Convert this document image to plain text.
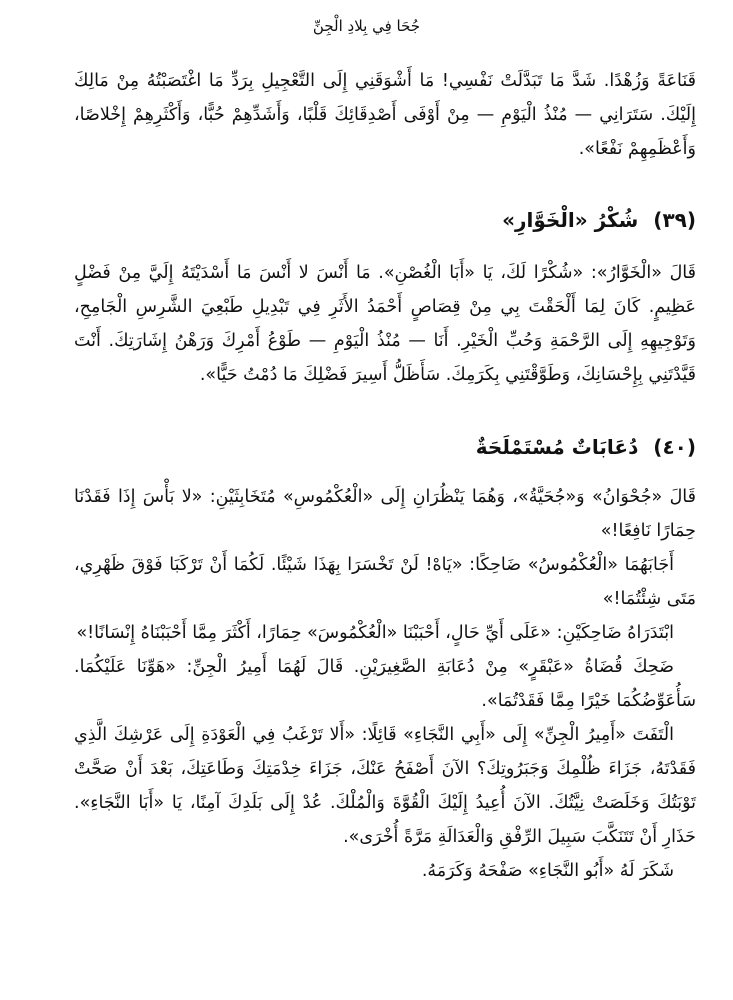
جُحَا فِي بِلادِ الْجِنِّ

قَنَاعَةً وَزُهْدًا. شَدَّ مَا تَبَدَّلَتْ نَفْسِي! مَا أَشْوَقَنِي إِلَى التَّعْجِيلِ بِرَدِّ مَا اغْتَصَبْتُهُ مِنْ مَالِكَ إِلَيْكَ. سَتَرَانِي — مُنْذُ الْيَوْمِ — مِنْ أَوْفَى أَصْدِقَائِكَ قَلْبًا، وَأَشَدِّهِمْ حُبًّا، وَأَكْثَرِهِمْ إِخْلاصًا، وَأَعْظَمِهِمْ نَفْعًا».

(٣٩) شُكْرُ «الْخَوَّارِ»

قَالَ «الْخَوَّارُ»: «شُكْرًا لَكَ، يَا «أَبَا الْغُصْنِ». مَا أَنْسَ لا أَنْسَ مَا أَسْدَيْتَهُ إِلَيَّ مِنْ فَضْلٍ عَظِيمٍ. كَانَ لِمَا أَلْحَقْتَ بِي مِنْ قِصَاصٍ أَحْمَدُ الأَثَرِ فِي تَبْدِيلِ طَبْعِيَ الشَّرِسِ الْجَامِحِ، وَتَوْجِيهِهِ إِلَى الرَّحْمَةِ وَحُبِّ الْخَيْرِ. أَنَا — مُنْذُ الْيَوْمِ — طَوْعُ أَمْرِكَ وَرَهْنُ إِشَارَتِكَ. أَنْتَ قَيَّدْتَنِي بِإِحْسَانِكَ، وَطَوَّقْتَنِي بِكَرَمِكَ. سَأَظَلُّ أَسِيرَ فَضْلِكَ مَا دُمْتُ حَيًّا».

(٤٠) دُعَابَاتٌ مُسْتَمْلَحَةٌ

قَالَ «جُحْوَانُ» وَ«جُحَيَّةُ»، وَهُمَا يَنْظُرَانِ إِلَى «الْعُكْمُوسِ» مُتَخَابِثَيْنِ: «لا بَأْسَ إِذَا فَقَدْنَا حِمَارًا نَافِعًا!»

أَجَابَهُمَا «الْعُكْمُوسُ» ضَاحِكًا: «يَاهْ! لَنْ تَخْسَرَا بِهَذَا شَيْئًا. لَكُمَا أَنْ تَرْكَبَا فَوْقَ ظَهْرِي، مَتَى شِئْتُمَا!»

ابْتَدَرَاهُ ضَاحِكَيْنِ: «عَلَى أَيِّ حَالٍ، أَحْبَبْنَا «الْعُكْمُوسَ» حِمَارًا، أَكْثَرَ مِمَّا أَحْبَبْنَاهُ إِنْسَانًا!»

ضَحِكَ قُضَاةُ «عَبْقَرٍ» مِنْ دُعَابَةِ الصَّغِيرَيْنِ. قَالَ لَهُمَا أَمِيرُ الْجِنِّ: «هَوِّنَا عَلَيْكُمَا. سَأُعَوِّضُكُمَا خَيْرًا مِمَّا فَقَدْتُمَا».

الْتَفَتَ «أَمِيرُ الْجِنِّ» إِلَى «أَبِي النَّجَاءِ» قَائِلًا: «أَلا تَرْغَبُ فِي الْعَوْدَةِ إِلَى عَرْشِكَ الَّذِي فَقَدْتَهُ، جَزَاءَ ظُلْمِكَ وَجَبَرُوتِكَ؟ الآنَ أَصْفَحُ عَنْكَ، جَزَاءَ خِدْمَتِكَ وَطَاعَتِكَ، بَعْدَ أَنْ صَحَّتْ تَوْبَتُكَ وَخَلَصَتْ نِيَّتُكَ. الآنَ أُعِيدُ إِلَيْكَ الْقُوَّةَ وَالْمُلْكَ. عُدْ إِلَى بَلَدِكَ آمِنًا، يَا «أَبَا النَّجَاءِ». حَذَارِ أَنْ تَتَنَكَّبَ سَبِيلَ الرِّفْقِ وَالْعَدَالَةِ مَرَّةً أُخْرَى».

شَكَرَ لَهُ «أَبُو النَّجَاءِ» صَفْحَهُ وَكَرَمَهُ.
